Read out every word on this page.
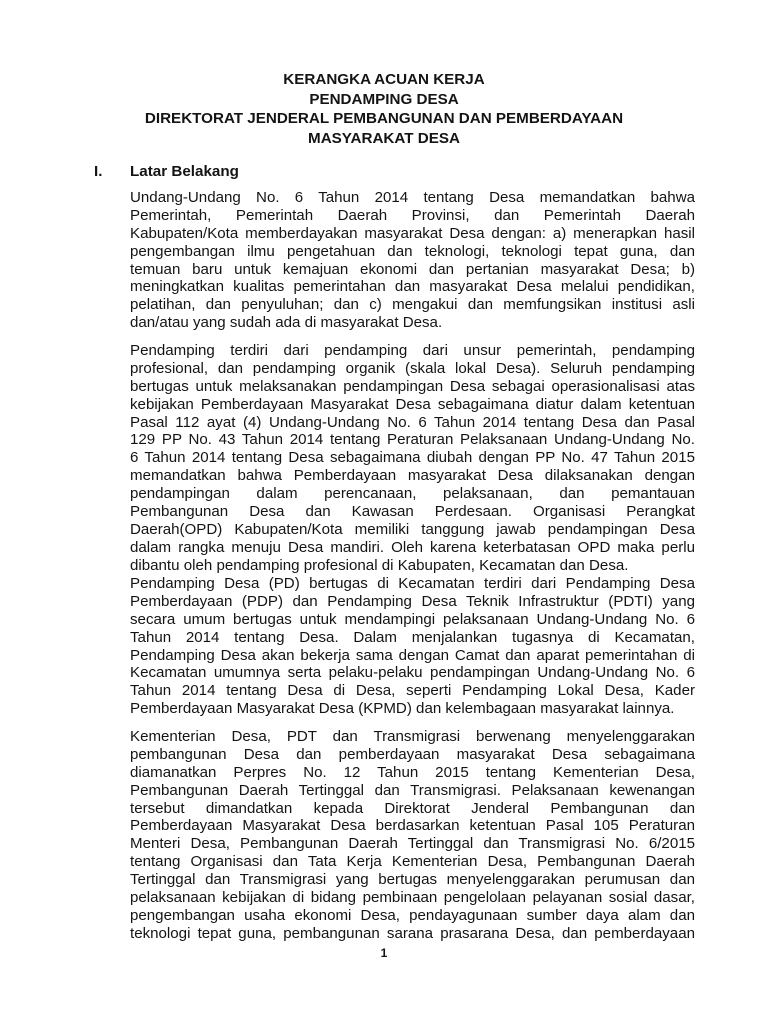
KERANGKA ACUAN KERJA
PENDAMPING DESA
DIREKTORAT JENDERAL PEMBANGUNAN DAN PEMBERDAYAAN
MASYARAKAT DESA
I. Latar Belakang
Undang-Undang No. 6 Tahun 2014 tentang Desa memandatkan bahwa
Pemerintah, Pemerintah Daerah Provinsi, dan Pemerintah Daerah
Kabupaten/Kota memberdayakan masyarakat Desa dengan: a) menerapkan hasil
pengembangan ilmu pengetahuan dan teknologi, teknologi tepat guna, dan
temuan baru untuk kemajuan ekonomi dan pertanian masyarakat Desa; b)
meningkatkan kualitas pemerintahan dan masyarakat Desa melalui pendidikan,
pelatihan, dan penyuluhan; dan c) mengakui dan memfungsikan institusi asli
dan/atau yang sudah ada di masyarakat Desa.
Pendamping terdiri dari pendamping dari unsur pemerintah, pendamping
profesional, dan pendamping organik (skala lokal Desa). Seluruh pendamping
bertugas untuk melaksanakan pendampingan Desa sebagai operasionalisasi atas
kebijakan Pemberdayaan Masyarakat Desa sebagaimana diatur dalam ketentuan
Pasal 112 ayat (4) Undang-Undang No. 6 Tahun 2014 tentang Desa dan Pasal
129 PP No. 43 Tahun 2014 tentang Peraturan Pelaksanaan Undang-Undang No.
6 Tahun 2014 tentang Desa sebagaimana diubah dengan PP No. 47 Tahun 2015
memandatkan bahwa Pemberdayaan masyarakat Desa dilaksanakan dengan
pendampingan dalam perencanaan, pelaksanaan, dan pemantauan
Pembangunan Desa dan Kawasan Perdesaan. Organisasi Perangkat
Daerah(OPD) Kabupaten/Kota memiliki tanggung jawab pendampingan Desa
dalam rangka menuju Desa mandiri. Oleh karena keterbatasan OPD maka perlu
dibantu oleh pendamping profesional di Kabupaten, Kecamatan dan Desa.
Pendamping Desa (PD) bertugas di Kecamatan terdiri dari Pendamping Desa
Pemberdayaan (PDP) dan Pendamping Desa Teknik Infrastruktur (PDTI) yang
secara umum bertugas untuk mendampingi pelaksanaan Undang-Undang No. 6
Tahun 2014 tentang Desa. Dalam menjalankan tugasnya di Kecamatan,
Pendamping Desa akan bekerja sama dengan Camat dan aparat pemerintahan di
Kecamatan umumnya serta pelaku-pelaku pendampingan Undang-Undang No. 6
Tahun 2014 tentang Desa di Desa, seperti Pendamping Lokal Desa, Kader
Pemberdayaan Masyarakat Desa (KPMD) dan kelembagaan masyarakat lainnya.
Kementerian Desa, PDT dan Transmigrasi berwenang menyelenggarakan
pembangunan Desa dan pemberdayaan masyarakat Desa sebagaimana
diamanatkan Perpres No. 12 Tahun 2015 tentang Kementerian Desa,
Pembangunan Daerah Tertinggal dan Transmigrasi. Pelaksanaan kewenangan
tersebut dimandatkan kepada Direktorat Jenderal Pembangunan dan
Pemberdayaan Masyarakat Desa berdasarkan ketentuan Pasal 105 Peraturan
Menteri Desa, Pembangunan Daerah Tertinggal dan Transmigrasi No. 6/2015
tentang Organisasi dan Tata Kerja Kementerian Desa, Pembangunan Daerah
Tertinggal dan Transmigrasi yang bertugas menyelenggarakan perumusan dan
pelaksanaan kebijakan di bidang pembinaan pengelolaan pelayanan sosial dasar,
pengembangan usaha ekonomi Desa, pendayagunaan sumber daya alam dan
teknologi tepat guna, pembangunan sarana prasarana Desa, dan pemberdayaan
1
